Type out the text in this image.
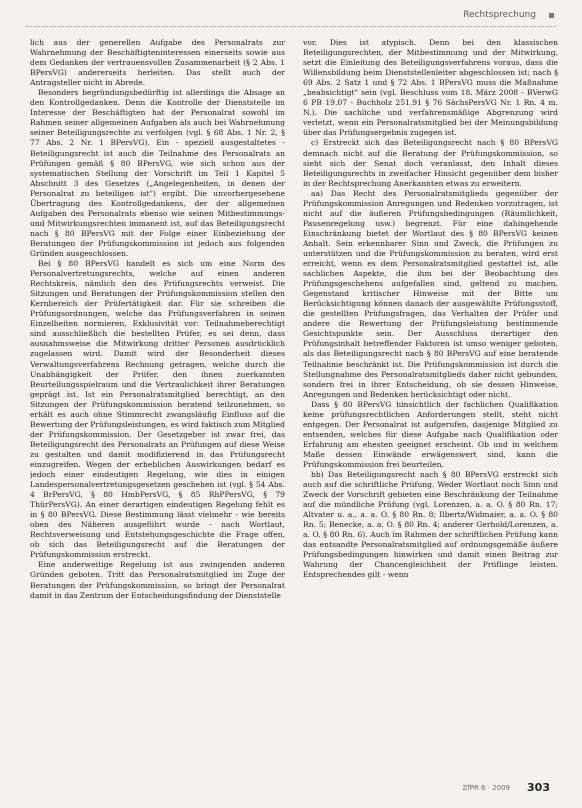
Rechtsprechung

lich aus der generellen Aufgabe des Personalrats zur Wahrnehmung der Beschäftigteninteressen einerseits sowie aus dem Gedanken der vertrauensvollen Zusammenarbeit (§ 2 Abs. 1 BPersVG) andererseits herleiten. Das stellt auch der Antragsteller nicht in Abrede.

Besonders begründungsbedürftig ist allerdings die Absage an den Kontrollgedanken. Denn die Kontrolle der Dienststelle im Interesse der Beschäftigten hat der Personalrat sowohl im Rahmen seiner allgemeinen Aufgaben als auch bei Wahrnehmung seiner Beteiligungsrechte zu verfolgen (vgl. § 68 Abs. 1 Nr. 2, § 77 Abs. 2 Nr. 1 BPersVG). Ein - speziell ausgestaltetes - Beteiligungsrecht ist auch die Teilnahme des Personalrats an Prüfungen gemäß § 80 BPersVG, wie sich schon aus der systematischen Stellung der Vorschrift im Teil 1 Kapitel 5 Abschnitt 3 des Gesetzes („Angelegenheiten, in denen der Personalrat zu beteiligen ist") ergibt. Die unvorhergesehene Übertragung des Kontrollgedankens, der der allgemeinen Aufgaben des Personalrats ebenso wie seinen Mitbestimmungs- und Mitwirkungsrechten immanent ist, auf das Beteiligungsrecht nach § 80 BPersVG mit der Folge einer Einbeziehung der Beratungen der Prüfungskommission ist jedoch aus folgenden Gründen ausgeschlossen.

Bei § 80 BPersVG handelt es sich um eine Norm des Personalvertretungsrechts, welche auf einen anderen Rechtskreis, nämlich den des Prüfungsrechts verweist. Die Sitzungen und Beratungen der Prüfungskommission stellen den Kernbereich der Prüfertätigkeit dar. Für sie schreiben die Prüfungsordnungen, welche das Prüfungsverfahren in seinen Einzelheiten normieren, Exklusivität vor: Teilnahmeberechtigt sind ausschließlich die bestellten Prüfer, es sei denn, dass ausnahmsweise die Mitwirkung dritter Personen ausdrücklich zugelassen wird. Damit wird der Besonderheit dieses Verwaltungsverfahrens Rechnung getragen, welche durch die Unabhängigkeit der Prüfer, den ihnen zuerkannten Beurteilungsspielraum und die Vertraulichkeit ihrer Beratungen geprägt ist. Ist ein Personalratsmitglied berechtigt, an den Sitzungen der Prüfungskommission beratend teilzunehmen, so erhält es auch ohne Stimmrecht zwangsläufig Einfluss auf die Bewertung der Prüfungsleistungen, es wird faktisch zum Mitglied der Prüfungskommission. Der Gesetzgeber ist zwar frei, das Beteiligungsrecht des Personalrats an Prüfungen auf diese Weise zu gestalten und damit modifizierend in das Prüfungsrecht einzugreifen. Wegen der erheblichen Auswirkungen bedarf es jedoch einer eindeutigen Regelung, wie dies in einigen Landespersonalvertretungsgesetzen geschehen ist (vgl. § 54 Abs. 4 BrPersVG, § 80 HmbPersVG, § 85 RhPPersVG, § 79 ThürPersVG). An einer derartigen eindeutigen Regelung fehlt es in § 80 BPersVG. Diese Bestimmung lässt vielmehr - wie bereits oben des Näheren ausgeführt wurde - nach Wortlaut, Rechtsverweisung und Entstehungsgeschichte die Frage offen, ob sich das Beteiligungsrecht auf die Beratungen der Prüfungskommission erstreckt.

Eine anderweitige Regelung ist aus zwingenden anderen Gründen geboten. Tritt das Personalratsmitglied im Zuge der Beratungen der Prüfungskommission, so bringt der Personalrat damit in das Zentrum der Entscheidungsfindung der Dienststelle

vor. Dies ist atypisch. Denn bei den klassischen Beteiligungsrechten, der Mitbestimmung und der Mitwirkung, setzt die Einleitung des Beteiligungsverfahrens voraus, dass die Willensbildung beim Dienststellenleiter abgeschlossen ist; nach § 69 Abs. 2 Satz 1 und § 72 Abs. 1 BPersVG muss die Maßnahme „beabsichtigt" sein (vgl. Beschluss vom 18. März 2008 - BVerwG 6 PB 19.07 - Buchholz 251.91 § 76 SächsPersVG Nr. 1 Rn. 4 m. N.). Die sachliche und verfahrensmäßige Abgrenzung wird verletzt, wenn ein Personalratsmitglied bei der Meinungsbildung über das Prüfungsergebnis zugegen ist.

c) Erstreckt sich das Beteiligungsrecht nach § 80 BPersVG demnach nicht auf die Beratung der Prüfungskommission, so sieht sich der Senat doch veranlasst, den Inhalt dieses Beteiligungsrechts in zweifacher Hinsicht gegenüber dem bisher in der Rechtsprechung Anerkannten etwas zu erweitern.

aa) Das Recht des Personalratsmitglieds gegenüber der Prüfungskommission Anregungen und Bedenken vorzutragen, ist nicht auf die äußeren Prüfungsbedingungen (Räumlichkeit, Pausenregelung usw.) begrenzt. Für eine dahingehende Einschränkung bietet der Wortlaut des § 80 BPersVG keinen Anhalt. Sein erkennbarer Sinn und Zweck, die Prüfungen zu unterstützen und die Prüfungskommission zu beraten, wird erst erreicht, wenn es dem Personalratsmitglied gestattet ist, alle sachlichen Aspekte, die ihm bei der Beobachtung des Prüfungsgeschehens aufgefallen sind, geltend zu machen. Gegenstand kritischer Hinweise mit der Bitte um Berücksichtigung können danach der ausgewählte Prüfungsstoff, die gestellten Prüfungsfragen, das Verhalten der Prüfer und andere die Bewertung der Prüfungsleistung bestimmende Gesichtspunkte sein. Der Ausschluss derartiger den Prüfungsinhalt betreffender Faktoren ist umso weniger geboten, als das Beteiligungsrecht nach § 80 BPersVG auf eine beratende Teilnahme beschränkt ist. Die Prüfungskommission ist durch die Stellungnahme des Personalratsmitglieds daher nicht gebunden, sondern frei in ihrer Entscheidung, ob sie dessen Hinweise, Anregungen und Bedenken berücksichtigt oder nicht.

Dass § 80 BPersVG hinsichtlich der fachlichen Qualifikation keine prüfungsrechtlichen Anforderungen stellt, steht nicht entgegen. Der Personalrat ist aufgerufen, dasjenige Mitglied zu entsenden, welches für diese Aufgabe nach Qualifikation oder Erfahrung am ehesten geeignet erscheint. Ob und in welchem Maße dessen Einwände erwägenswert sind, kann die Prüfungskommission frei beurteilen.

bb) Das Beteiligungsrecht nach § 80 BPersVG erstreckt sich auch auf die schriftliche Prüfung. Weder Wortlaut noch Sinn und Zweck der Vorschrift gebieten eine Beschränkung der Teilnahme auf die mündliche Prüfung (vgl. Lorenzen, a. a. O. § 80 Rn. 17; Altvater u. a., a. a. O. § 80 Rn. 8; Ilbertz/Widmaier, a. a. O. § 80 Rn. 5; Benecke, a. a. O. § 80 Rn. 4; anderer Gerhold/Lorenzen, a. a. O. § 80 Rn. 6). Auch im Rahmen der schriftlichen Prüfung kann das entsandte Personalratsmitglied auf ordnungsgemäße äußere Prüfungsbedingungen hinwirken und damit einen Beitrag zur Wahrung der Chancengleichheit der Prüflinge leisten. Entsprechendes gilt - wenn

ZfPR 6 · 2009 303
